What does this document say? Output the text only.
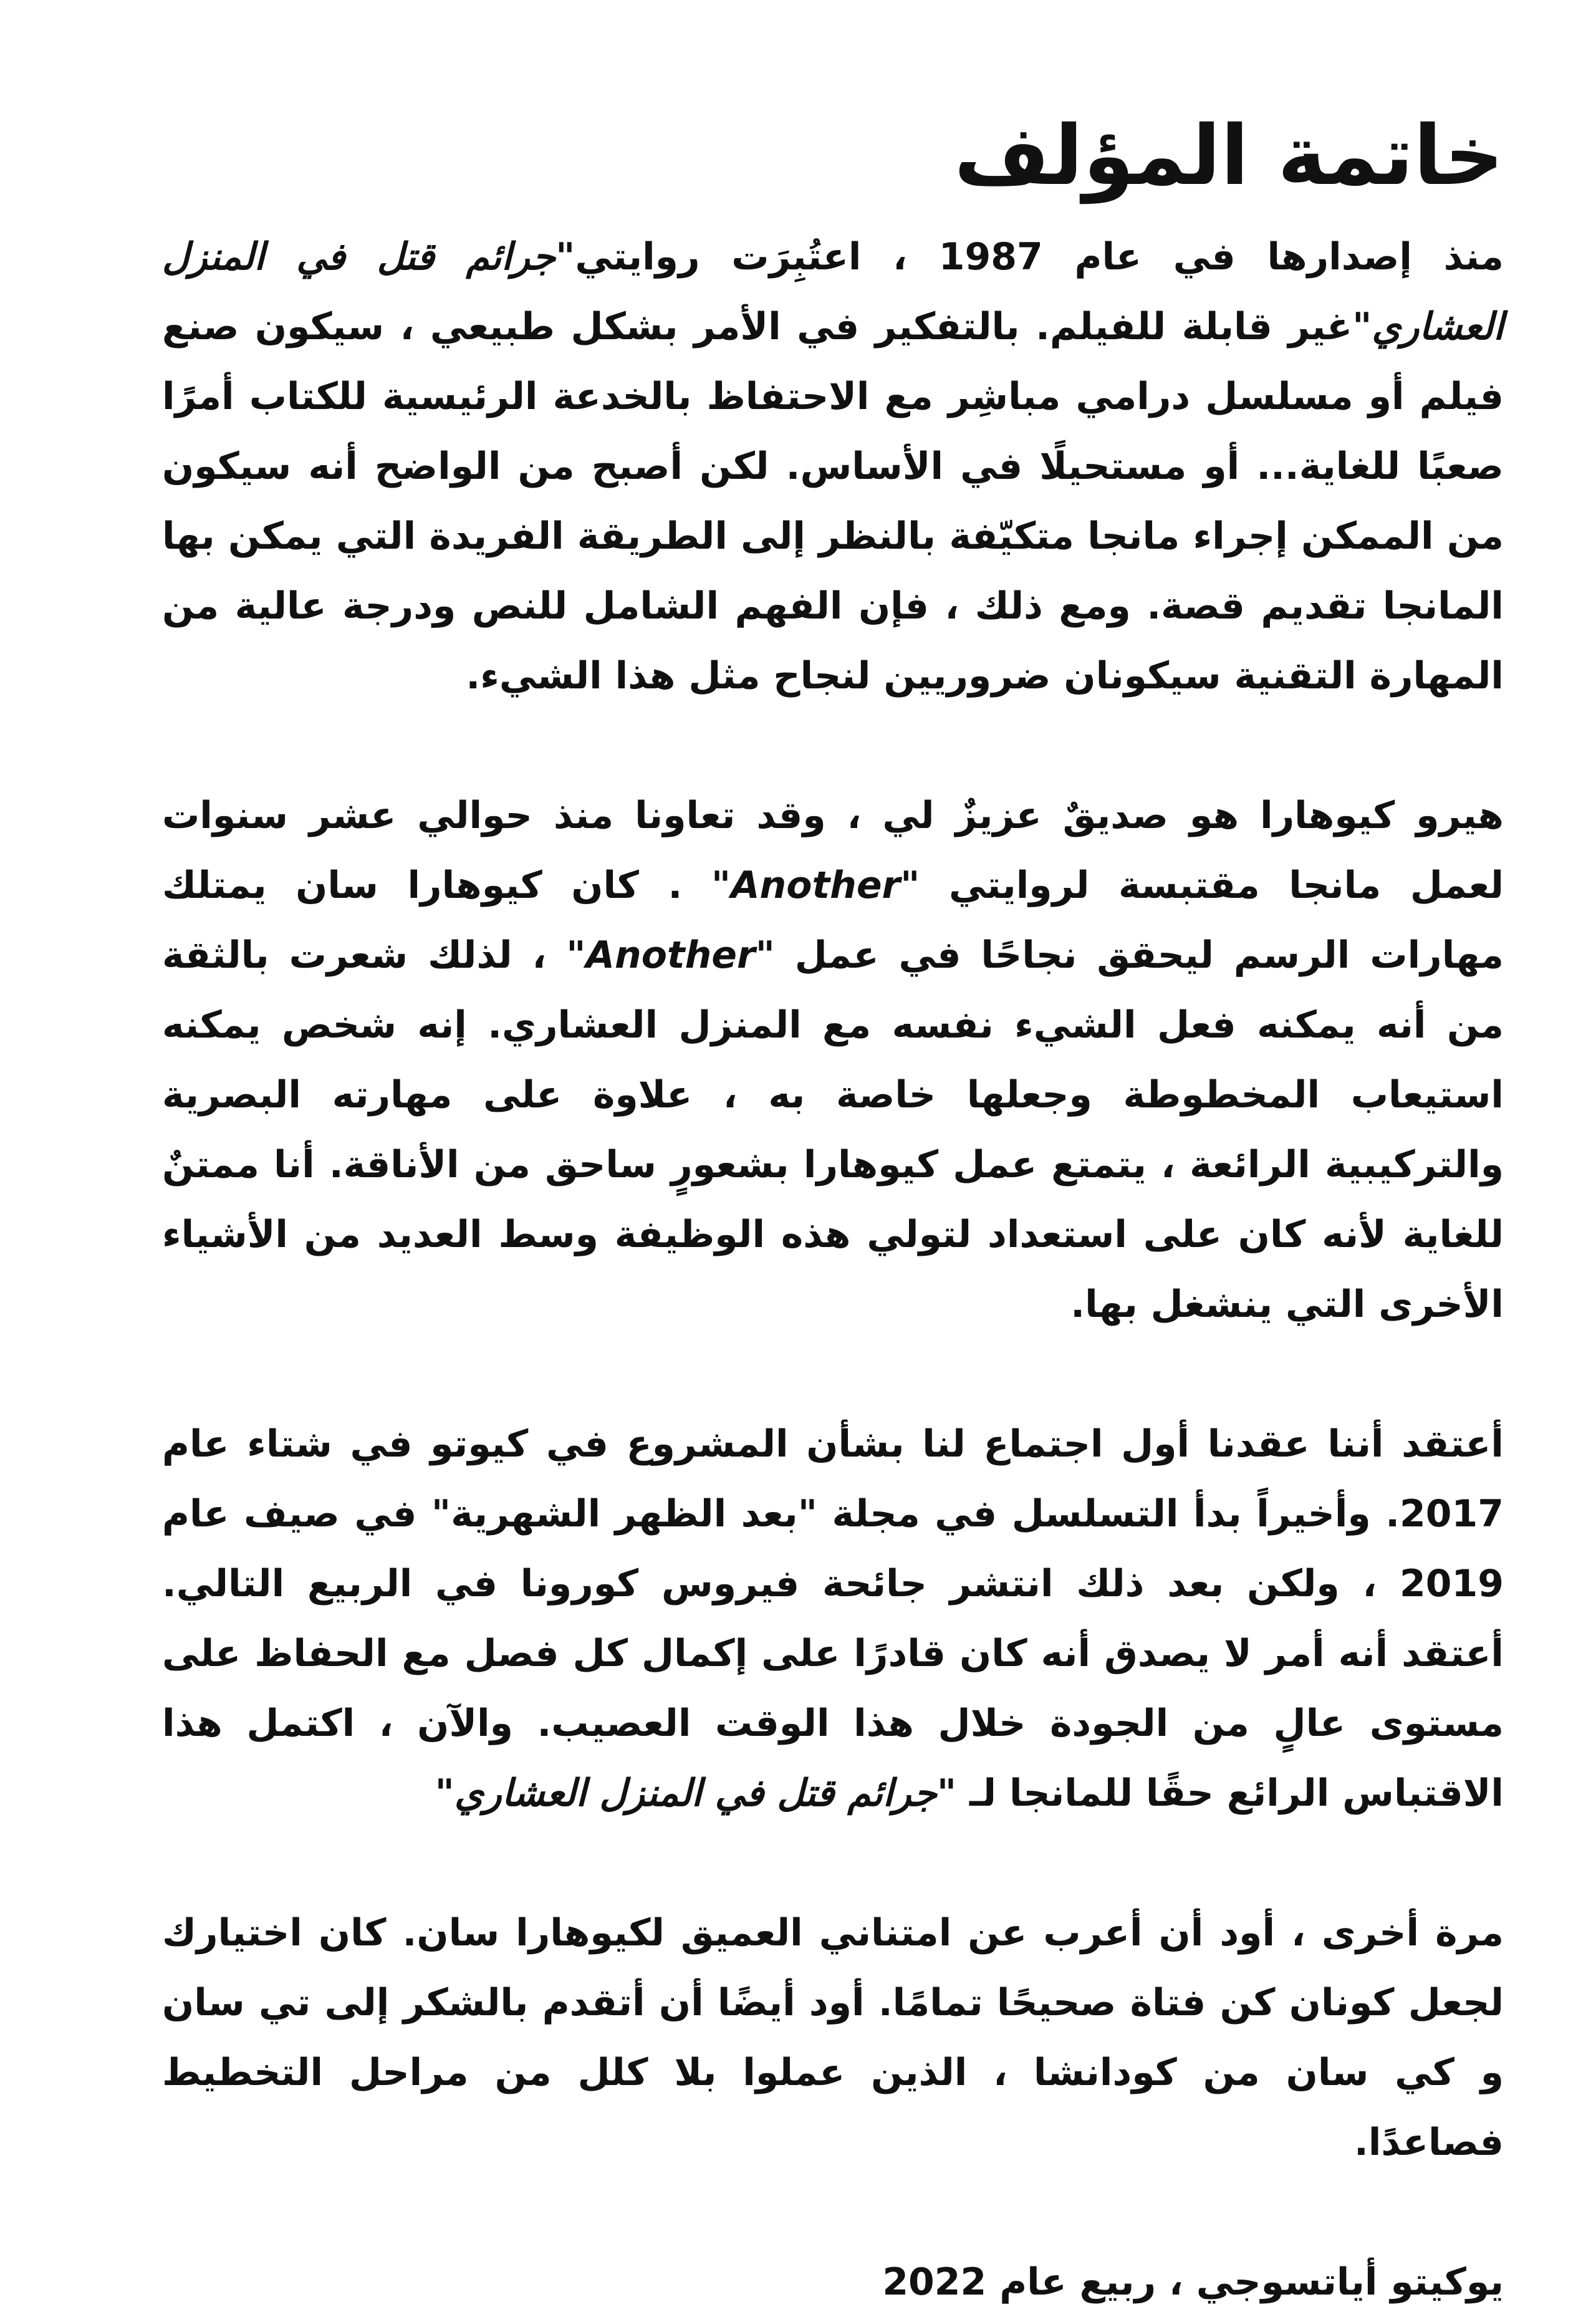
خاتمة المؤلف

منذ إصدارها في عام 1987 ، اعتُبِرَت روايتي"جرائم قتل في المنزل العشاري"غير قابلة للفيلم. بالتفكير في الأمر بشكل طبيعي ، سيكون صنع فيلم أو مسلسل درامي مباشِر مع الاحتفاظ بالخدعة الرئيسية للكتاب أمرًا صعبًا للغاية... أو مستحيلًا في الأساس. لكن أصبح من الواضح أنه سيكون من الممكن إجراء مانجا متكيّفة بالنظر إلى الطريقة الفريدة التي يمكن بها المانجا تقديم قصة. ومع ذلك ، فإن الفهم الشامل للنص ودرجة عالية من المهارة التقنية سيكونان ضروريين لنجاح مثل هذا الشيء.

هيرو كيوهارا هو صديقٌ عزيزٌ لي ، وقد تعاونا منذ حوالي عشر سنوات لعمل مانجا مقتبسة لروايتي "Another" . كان كيوهارا سان يمتلك مهارات الرسم ليحقق نجاحًا في عمل "Another" ، لذلك شعرت بالثقة من أنه يمكنه فعل الشيء نفسه مع المنزل العشاري. إنه شخص يمكنه استيعاب المخطوطة وجعلها خاصة به ، علاوة على مهارته البصرية والتركيبية الرائعة ، يتمتع عمل كيوهارا بشعورٍ ساحق من الأناقة. أنا ممتنٌ للغاية لأنه كان على استعداد لتولي هذه الوظيفة وسط العديد من الأشياء الأخرى التي ينشغل بها.

أعتقد أننا عقدنا أول اجتماع لنا بشأن المشروع في كيوتو في شتاء عام 2017. وأخيراً بدأ التسلسل في مجلة "بعد الظهر الشهرية" في صيف عام 2019 ، ولكن بعد ذلك انتشر جائحة فيروس كورونا في الربيع التالي. أعتقد أنه أمر لا يصدق أنه كان قادرًا على إكمال كل فصل مع الحفاظ على مستوى عالٍ من الجودة خلال هذا الوقت العصيب. والآن ، اكتمل هذا الاقتباس الرائع حقًا للمانجا لـ "جرائم قتل في المنزل العشاري"

مرة أخرى ، أود أن أعرب عن امتناني العميق لكيوهارا سان. كان اختيارك لجعل كونان كن فتاة صحيحًا تمامًا. أود أيضًا أن أتقدم بالشكر إلى تي سان و كي سان من كودانشا ، الذين عملوا بلا كلل من مراحل التخطيط فصاعدًا.

يوكيتو أياتسوجي ، ربيع عام 2022
